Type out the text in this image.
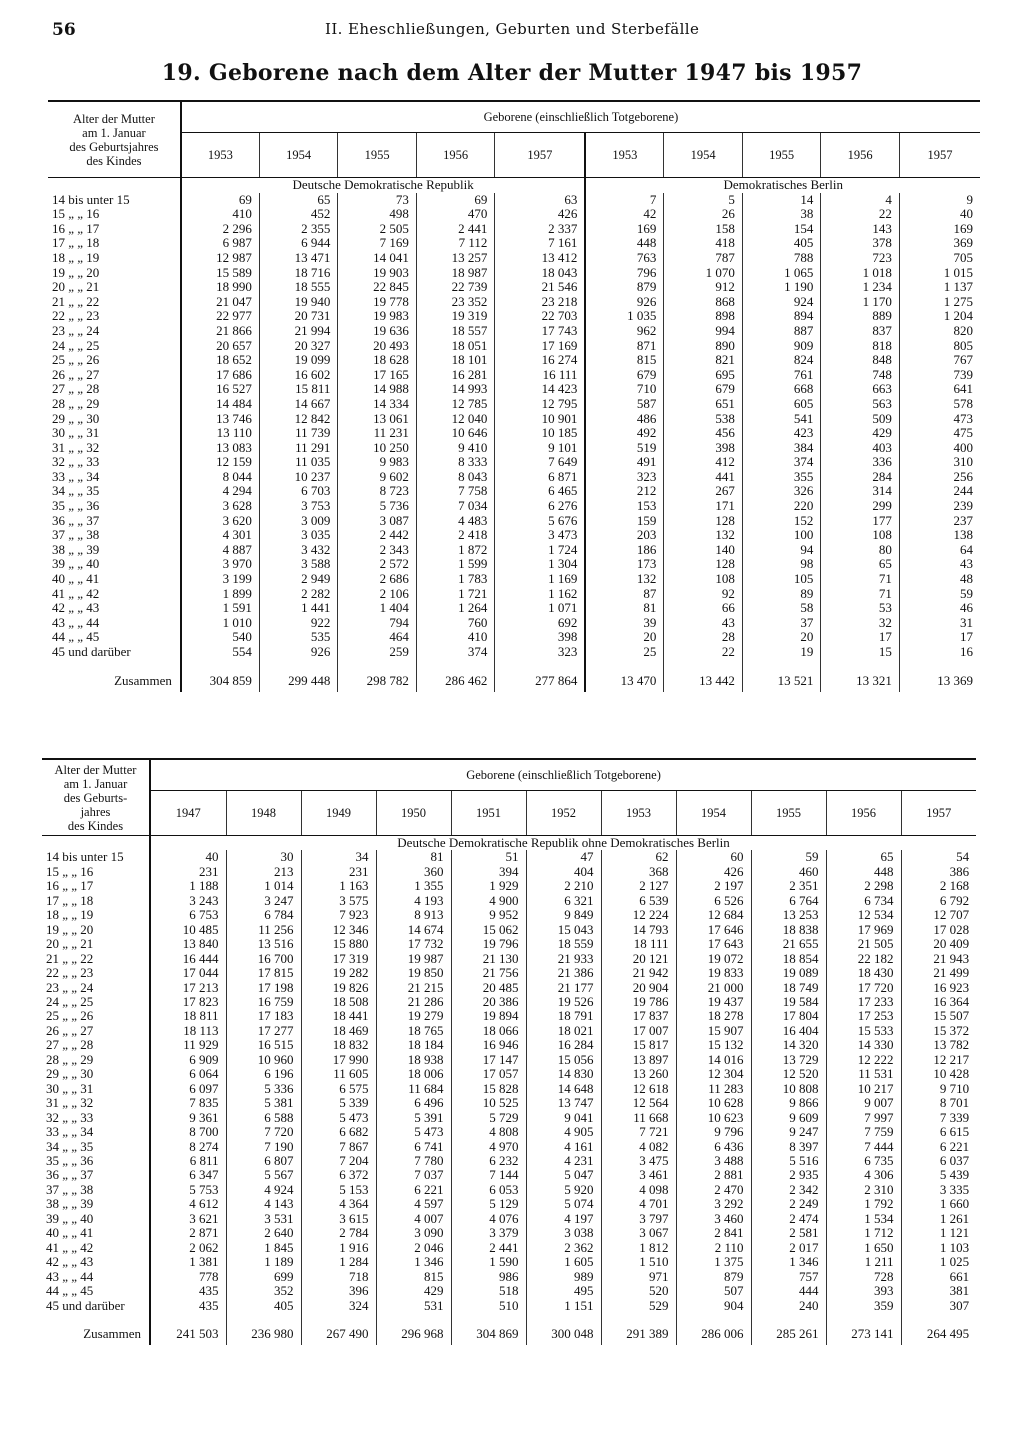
56	II. Eheschließungen, Geburten und Sterbefälle
19. Geborene nach dem Alter der Mutter 1947 bis 1957
Alter der Mutter
am 1. Januar
des Geburtsjahres
des Kindes	Geborene (einschließlich Totgeborene)									
	1953	1954	1955	1956	1957	1953	1954	1955	1956	1957
	Deutsche Demokratische Republik					Demokratisches Berlin				
14 bis unter 15	69	65	73	69	63	7	5	14	4	9
15 „ „ 16	410	452	498	470	426	42	26	38	22	40
16 „ „ 17	2 296	2 355	2 505	2 441	2 337	169	158	154	143	169
17 „ „ 18	6 987	6 944	7 169	7 112	7 161	448	418	405	378	369
18 „ „ 19	12 987	13 471	14 041	13 257	13 412	763	787	788	723	705
19 „ „ 20	15 589	18 716	19 903	18 987	18 043	796	1 070	1 065	1 018	1 015
20 „ „ 21	18 990	18 555	22 845	22 739	21 546	879	912	1 190	1 234	1 137
21 „ „ 22	21 047	19 940	19 778	23 352	23 218	926	868	924	1 170	1 275
22 „ „ 23	22 977	20 731	19 983	19 319	22 703	1 035	898	894	889	1 204
23 „ „ 24	21 866	21 994	19 636	18 557	17 743	962	994	887	837	820
24 „ „ 25	20 657	20 327	20 493	18 051	17 169	871	890	909	818	805
25 „ „ 26	18 652	19 099	18 628	18 101	16 274	815	821	824	848	767
26 „ „ 27	17 686	16 602	17 165	16 281	16 111	679	695	761	748	739
27 „ „ 28	16 527	15 811	14 988	14 993	14 423	710	679	668	663	641
28 „ „ 29	14 484	14 667	14 334	12 785	12 795	587	651	605	563	578
29 „ „ 30	13 746	12 842	13 061	12 040	10 901	486	538	541	509	473
30 „ „ 31	13 110	11 739	11 231	10 646	10 185	492	456	423	429	475
31 „ „ 32	13 083	11 291	10 250	9 410	9 101	519	398	384	403	400
32 „ „ 33	12 159	11 035	9 983	8 333	7 649	491	412	374	336	310
33 „ „ 34	8 044	10 237	9 602	8 043	6 871	323	441	355	284	256
34 „ „ 35	4 294	6 703	8 723	7 758	6 465	212	267	326	314	244
35 „ „ 36	3 628	3 753	5 736	7 034	6 276	153	171	220	299	239
36 „ „ 37	3 620	3 009	3 087	4 483	5 676	159	128	152	177	237
37 „ „ 38	4 301	3 035	2 442	2 418	3 473	203	132	100	108	138
38 „ „ 39	4 887	3 432	2 343	1 872	1 724	186	140	94	80	64
39 „ „ 40	3 970	3 588	2 572	1 599	1 304	173	128	98	65	43
40 „ „ 41	3 199	2 949	2 686	1 783	1 169	132	108	105	71	48
41 „ „ 42	1 899	2 282	2 106	1 721	1 162	87	92	89	71	59
42 „ „ 43	1 591	1 441	1 404	1 264	1 071	81	66	58	53	46
43 „ „ 44	1 010	922	794	760	692	39	43	37	32	31
44 „ „ 45	540	535	464	410	398	20	28	20	17	17
45 und darüber	554	926	259	374	323	25	22	19	15	16

Zusammen	304 859	299 448	298 782	286 462	277 864	13 470	13 442	13 521	13 321	13 369
Alter der Mutter
am 1. Januar
des Geburts-
jahres
des Kindes	Geborene (einschließlich Totgeborene)										
	1947	1948	1949	1950	1951	1952	1953	1954	1955	1956	1957
	Deutsche Demokratische Republik ohne Demokratisches Berlin										
14 bis unter 15	40	30	34	81	51	47	62	60	59	65	54
15 „ „ 16	231	213	231	360	394	404	368	426	460	448	386
16 „ „ 17	1 188	1 014	1 163	1 355	1 929	2 210	2 127	2 197	2 351	2 298	2 168
17 „ „ 18	3 243	3 247	3 575	4 193	4 900	6 321	6 539	6 526	6 764	6 734	6 792
18 „ „ 19	6 753	6 784	7 923	8 913	9 952	9 849	12 224	12 684	13 253	12 534	12 707
19 „ „ 20	10 485	11 256	12 346	14 674	15 062	15 043	14 793	17 646	18 838	17 969	17 028
20 „ „ 21	13 840	13 516	15 880	17 732	19 796	18 559	18 111	17 643	21 655	21 505	20 409
21 „ „ 22	16 444	16 700	17 319	19 987	21 130	21 933	20 121	19 072	18 854	22 182	21 943
22 „ „ 23	17 044	17 815	19 282	19 850	21 756	21 386	21 942	19 833	19 089	18 430	21 499
23 „ „ 24	17 213	17 198	19 826	21 215	20 485	21 177	20 904	21 000	18 749	17 720	16 923
24 „ „ 25	17 823	16 759	18 508	21 286	20 386	19 526	19 786	19 437	19 584	17 233	16 364
25 „ „ 26	18 811	17 183	18 441	19 279	19 894	18 791	17 837	18 278	17 804	17 253	15 507
26 „ „ 27	18 113	17 277	18 469	18 765	18 066	18 021	17 007	15 907	16 404	15 533	15 372
27 „ „ 28	11 929	16 515	18 832	18 184	16 946	16 284	15 817	15 132	14 320	14 330	13 782
28 „ „ 29	6 909	10 960	17 990	18 938	17 147	15 056	13 897	14 016	13 729	12 222	12 217
29 „ „ 30	6 064	6 196	11 605	18 006	17 057	14 830	13 260	12 304	12 520	11 531	10 428
30 „ „ 31	6 097	5 336	6 575	11 684	15 828	14 648	12 618	11 283	10 808	10 217	9 710
31 „ „ 32	7 835	5 381	5 339	6 496	10 525	13 747	12 564	10 628	9 866	9 007	8 701
32 „ „ 33	9 361	6 588	5 473	5 391	5 729	9 041	11 668	10 623	9 609	7 997	7 339
33 „ „ 34	8 700	7 720	6 682	5 473	4 808	4 905	7 721	9 796	9 247	7 759	6 615
34 „ „ 35	8 274	7 190	7 867	6 741	4 970	4 161	4 082	6 436	8 397	7 444	6 221
35 „ „ 36	6 811	6 807	7 204	7 780	6 232	4 231	3 475	3 488	5 516	6 735	6 037
36 „ „ 37	6 347	5 567	6 372	7 037	7 144	5 047	3 461	2 881	2 935	4 306	5 439
37 „ „ 38	5 753	4 924	5 153	6 221	6 053	5 920	4 098	2 470	2 342	2 310	3 335
38 „ „ 39	4 612	4 143	4 364	4 597	5 129	5 074	4 701	3 292	2 249	1 792	1 660
39 „ „ 40	3 621	3 531	3 615	4 007	4 076	4 197	3 797	3 460	2 474	1 534	1 261
40 „ „ 41	2 871	2 640	2 784	3 090	3 379	3 038	3 067	2 841	2 581	1 712	1 121
41 „ „ 42	2 062	1 845	1 916	2 046	2 441	2 362	1 812	2 110	2 017	1 650	1 103
42 „ „ 43	1 381	1 189	1 284	1 346	1 590	1 605	1 510	1 375	1 346	1 211	1 025
43 „ „ 44	778	699	718	815	986	989	971	879	757	728	661
44 „ „ 45	435	352	396	429	518	495	520	507	444	393	381
45 und darüber	435	405	324	531	510	1 151	529	904	240	359	307

Zusammen	241 503	236 980	267 490	296 968	304 869	300 048	291 389	286 006	285 261	273 141	264 495
